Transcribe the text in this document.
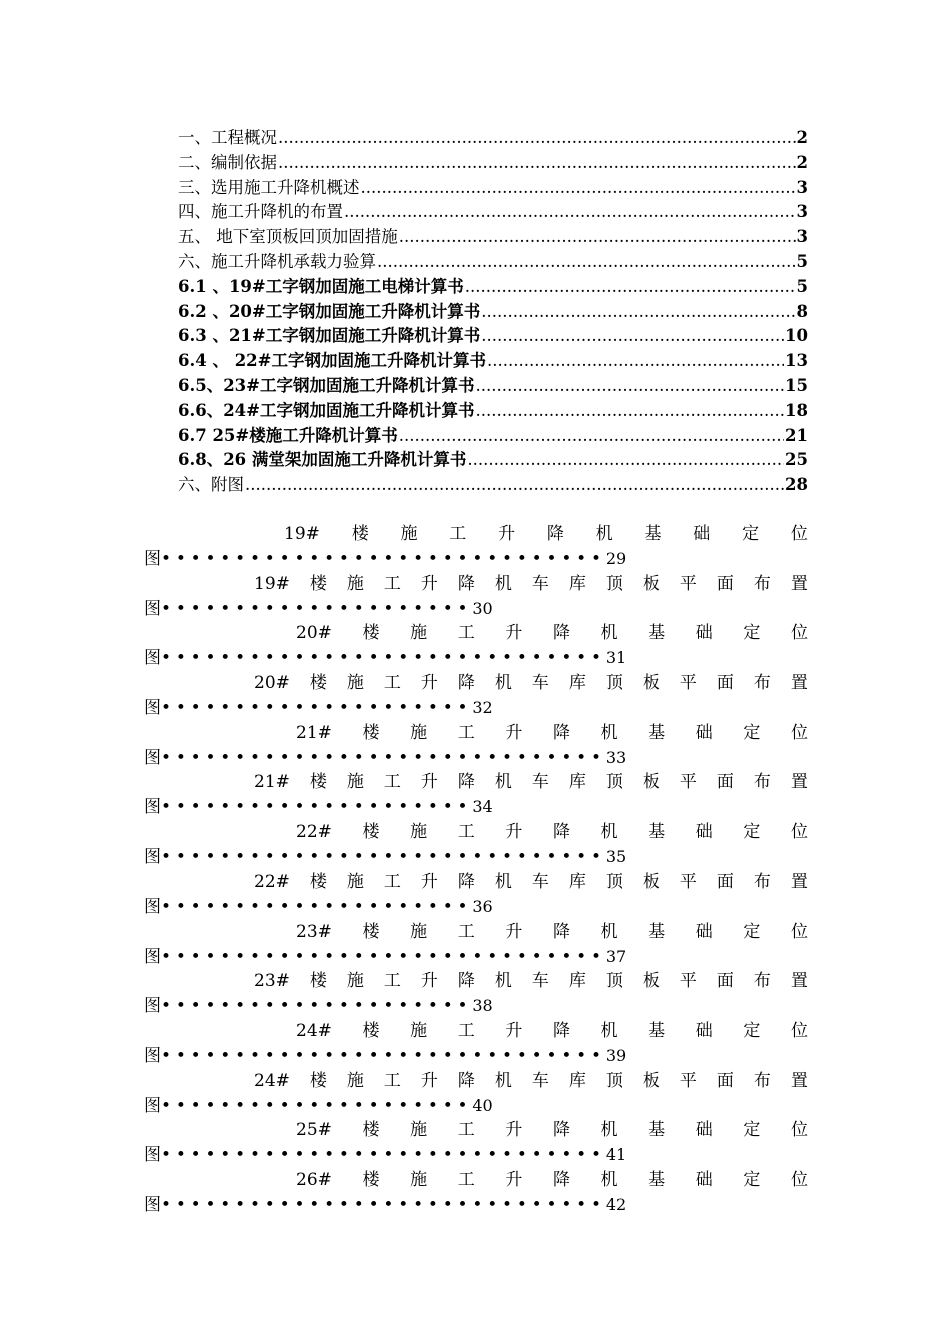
一、工程概况 .....	2
二、编制依据 .....	2
三、选用施工升降机概述 .....	3
四、施工升降机的布置 .....	3
五、 地下室顶板回顶加固措施 .....	3
六、施工升降机承载力验算 .....	5
6.1 、19#工字钢加固施工电梯计算书 .....	5
6.2 、20#工字钢加固施工升降机计算书 .....	8
6.3 、21#工字钢加固施工升降机计算书 .....	10
6.4 、 22#工字钢加固施工升降机计算书 .....	13
6.5、23#工字钢加固施工升降机计算书 .....	15
6.6、24#工字钢加固施工升降机计算书 .....	18
6.7 25#楼施工升降机计算书 .....	21
6.8、26 满堂架加固施工升降机计算书 .....	25
六、附图 .....	28
19# 楼 施 工 升 降 机 基 础 定 位
图••••••••••••••••••••••••••••••29
19# 楼 施 工 升 降 机 车 库 顶 板 平 面 布 置
图•••••••••••••••••••••30
20# 楼 施 工 升 降 机 基 础 定 位
图••••••••••••••••••••••••••••••31
20# 楼 施 工 升 降 机 车 库 顶 板 平 面 布 置
图•••••••••••••••••••••32
21# 楼 施 工 升 降 机 基 础 定 位
图••••••••••••••••••••••••••••••33
21# 楼 施 工 升 降 机 车 库 顶 板 平 面 布 置
图•••••••••••••••••••••34
22# 楼 施 工 升 降 机 基 础 定 位
图••••••••••••••••••••••••••••••35
22# 楼 施 工 升 降 机 车 库 顶 板 平 面 布 置
图•••••••••••••••••••••36
23# 楼 施 工 升 降 机 基 础 定 位
图••••••••••••••••••••••••••••••37
23# 楼 施 工 升 降 机 车 库 顶 板 平 面 布 置
图•••••••••••••••••••••38
24# 楼 施 工 升 降 机 基 础 定 位
图••••••••••••••••••••••••••••••39
24# 楼 施 工 升 降 机 车 库 顶 板 平 面 布 置
图•••••••••••••••••••••40
25# 楼 施 工 升 降 机 基 础 定 位
图••••••••••••••••••••••••••••••41
26# 楼 施 工 升 降 机 基 础 定 位
图••••••••••••••••••••••••••••••42
